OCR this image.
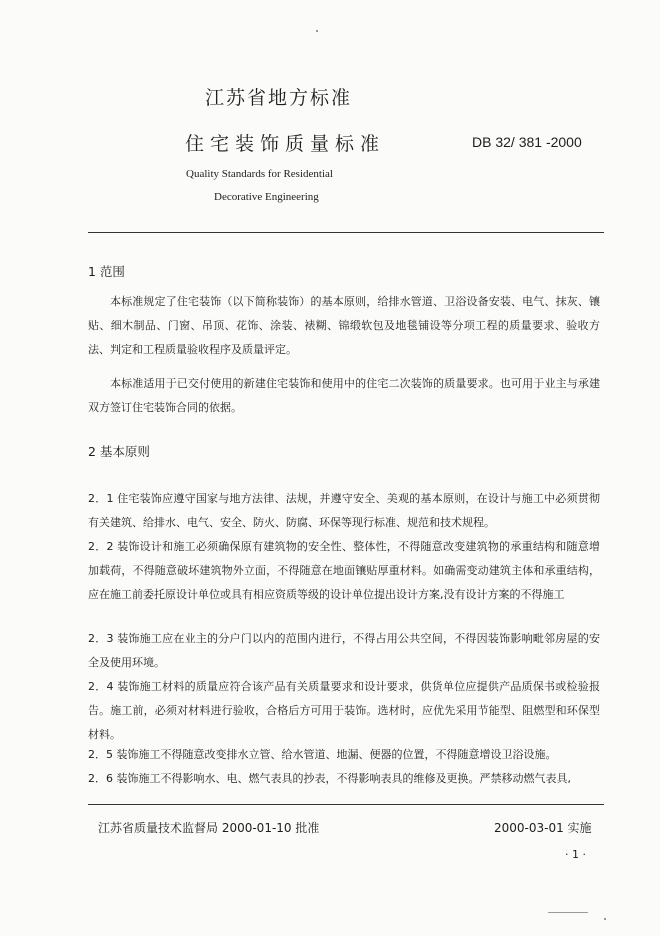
江苏省地方标准
住宅装饰质量标准	DB 32/ 381 -2000
Quality Standards for Residential
Decorative Engineering
1 范围
本标准规定了住宅装饰（以下简称装饰）的基本原则，给排水管道、卫浴设备安装、电气、抹灰、镶贴、细木制品、门窗、吊顶、花饰、涂装、裱糊、锦缎软包及地毯铺设等分项工程的质量要求、验收方法、判定和工程质量验收程序及质量评定。
本标准适用于已交付使用的新建住宅装饰和使用中的住宅二次装饰的质量要求。也可用于业主与承建双方签订住宅装饰合同的依据。
2 基本原则
2．1 住宅装饰应遵守国家与地方法律、法规，并遵守安全、美观的基本原则，在设计与施工中必须贯彻有关建筑、给排水、电气、安全、防火、防腐、环保等现行标准、规范和技术规程。
2．2 装饰设计和施工必须确保原有建筑物的安全性、整体性，不得随意改变建筑物的承重结构和随意增加载荷，不得随意破坏建筑物外立面，不得随意在地面镶贴厚重材料。如确需变动建筑主体和承重结构，应在施工前委托原设计单位或具有相应资质等级的设计单位提出设计方案,没有设计方案的不得施工
2．3 装饰施工应在业主的分户门以内的范围内进行，不得占用公共空间，不得因装饰影响毗邻房屋的安全及使用环境。
2．4 装饰施工材料的质量应符合该产品有关质量要求和设计要求，供货单位应提供产品质保书或检验报告。施工前，必须对材料进行验收，合格后方可用于装饰。选材时，应优先采用节能型、阻燃型和环保型材料。
2．5 装饰施工不得随意改变排水立管、给水管道、地漏、便器的位置，不得随意增设卫浴设施。
2．6 装饰施工不得影响水、电、燃气表具的抄表，不得影响表具的维修及更换。严禁移动燃气表具,
江苏省质量技术监督局 2000-01-10 批准	2000-03-01 实施
· 1 ·
